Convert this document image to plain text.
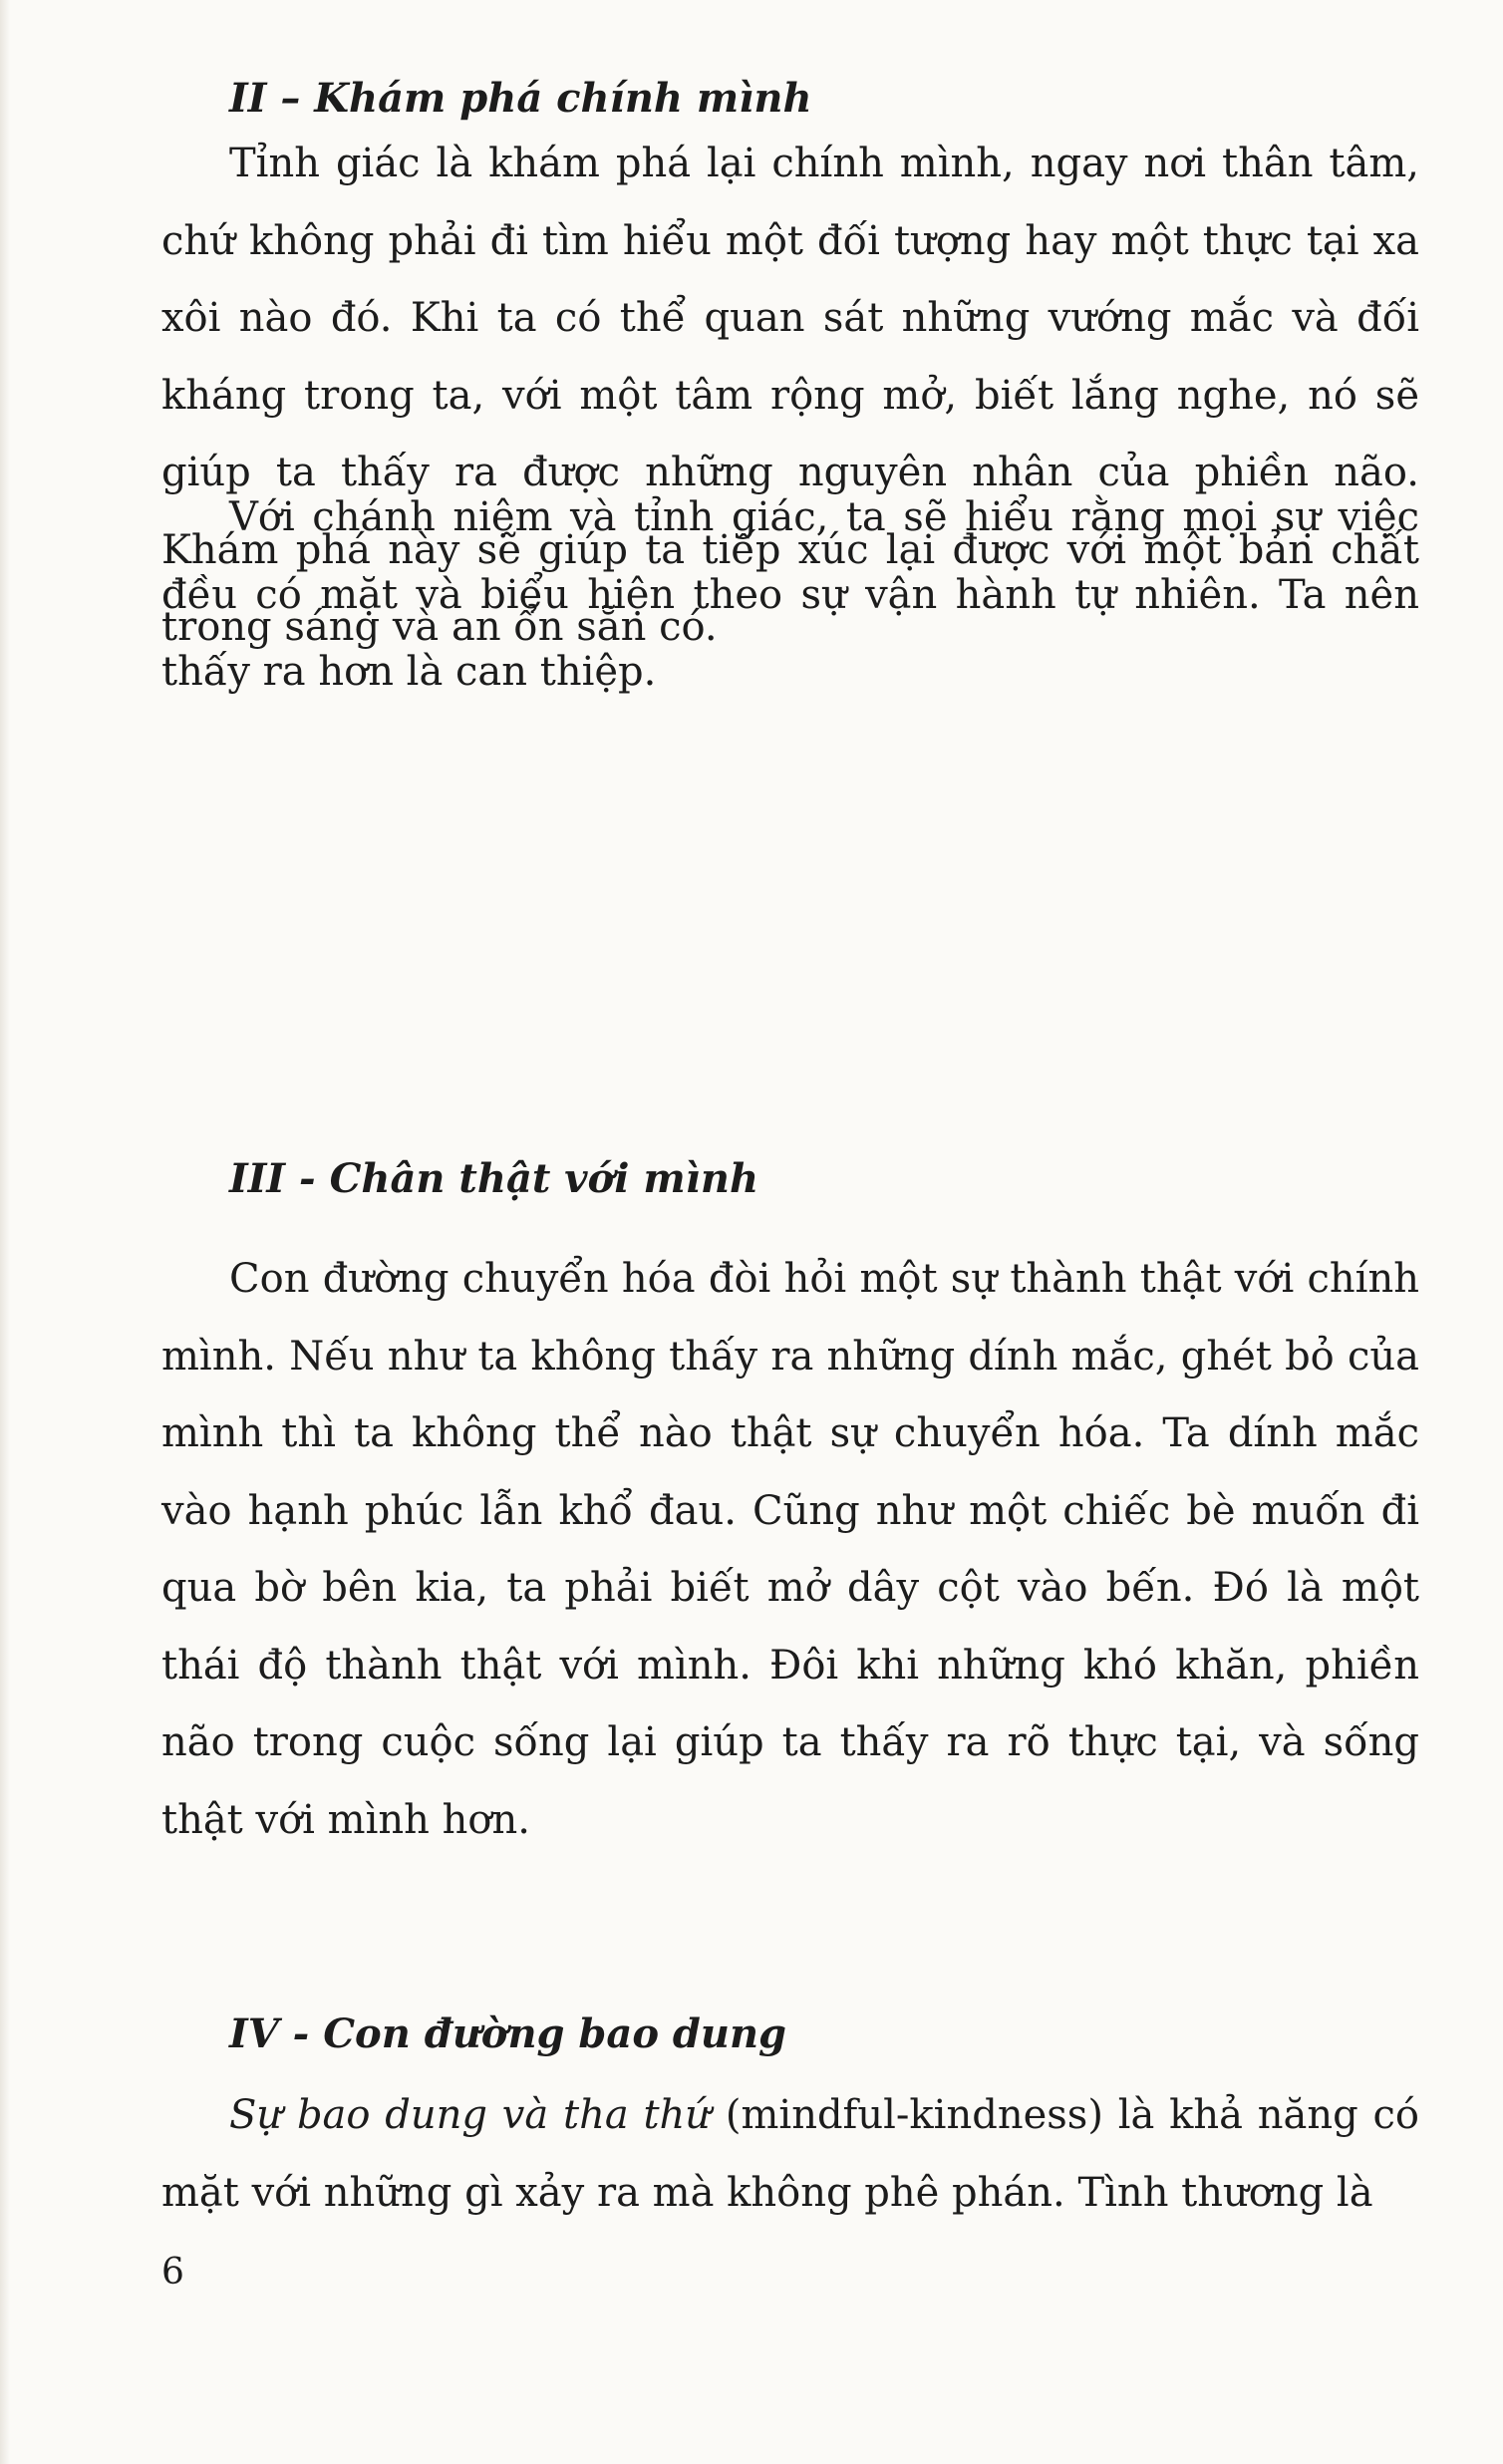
II – Khám phá chính mình

Tỉnh giác là khám phá lại chính mình, ngay nơi thân tâm, chứ không phải đi tìm hiểu một đối tượng hay một thực tại xa xôi nào đó. Khi ta có thể quan sát những vướng mắc và đối kháng trong ta, với một tâm rộng mở, biết lắng nghe, nó sẽ giúp ta thấy ra được những nguyên nhân của phiền não. Khám phá này sẽ giúp ta tiếp xúc lại được với một bản chất trong sáng và an ổn sẵn có.

Với chánh niệm và tỉnh giác, ta sẽ hiểu rằng mọi sự việc đều có mặt và biểu hiện theo sự vận hành tự nhiên. Ta nên thấy ra hơn là can thiệp.

III - Chân thật với mình

Con đường chuyển hóa đòi hỏi một sự thành thật với chính mình. Nếu như ta không thấy ra những dính mắc, ghét bỏ của mình thì ta không thể nào thật sự chuyển hóa. Ta dính mắc vào hạnh phúc lẫn khổ đau. Cũng như một chiếc bè muốn đi qua bờ bên kia, ta phải biết mở dây cột vào bến. Đó là một thái độ thành thật với mình. Đôi khi những khó khăn, phiền não trong cuộc sống lại giúp ta thấy ra rõ thực tại, và sống thật với mình hơn.

IV - Con đường bao dung

Sự bao dung và tha thứ (mindful-kindness) là khả năng có mặt với những gì xảy ra mà không phê phán. Tình thương là

6
